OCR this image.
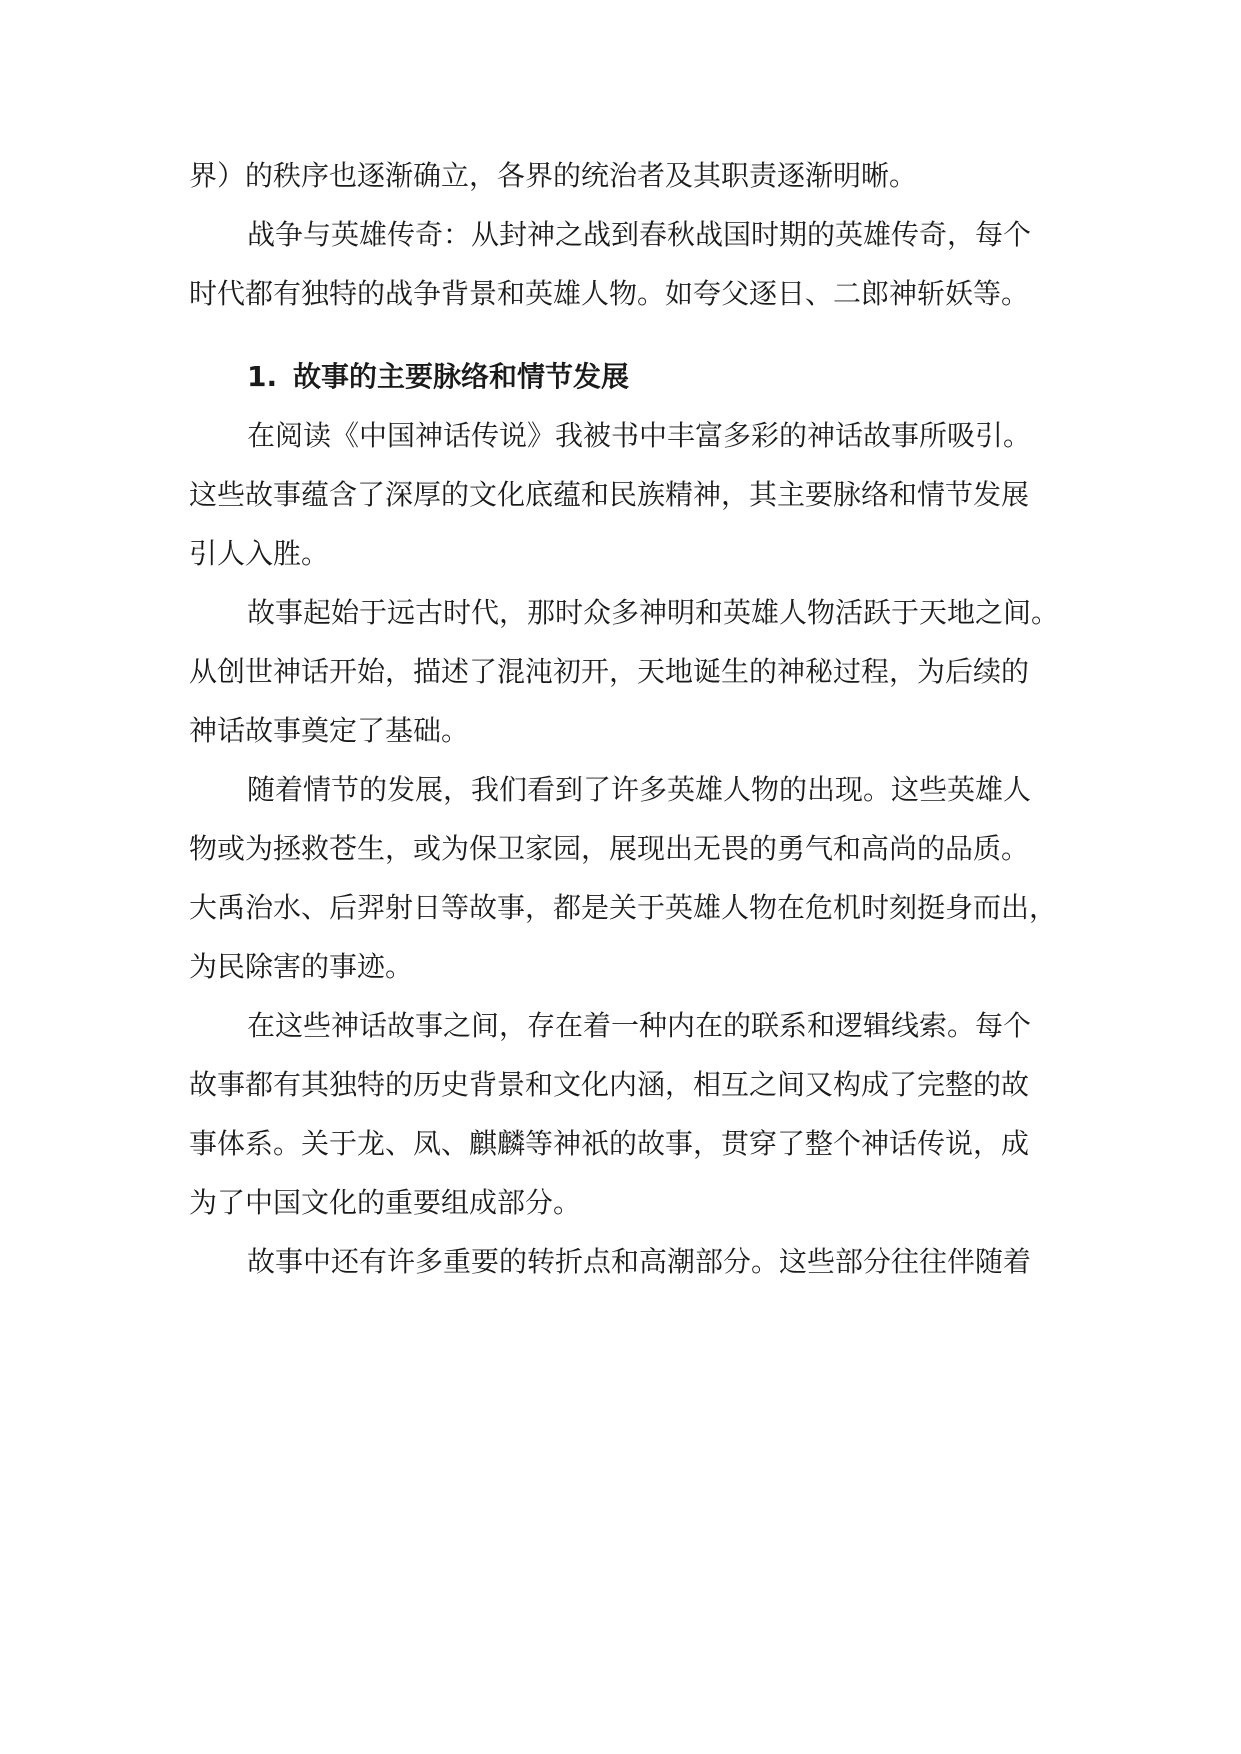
界）的秩序也逐渐确立，各界的统治者及其职责逐渐明晰。
战争与英雄传奇：从封神之战到春秋战国时期的英雄传奇，每个
时代都有独特的战争背景和英雄人物。如夸父逐日、二郎神斩妖等。
1. 故事的主要脉络和情节发展
在阅读《中国神话传说》我被书中丰富多彩的神话故事所吸引。
这些故事蕴含了深厚的文化底蕴和民族精神，其主要脉络和情节发展
引人入胜。
故事起始于远古时代，那时众多神明和英雄人物活跃于天地之间。
从创世神话开始，描述了混沌初开，天地诞生的神秘过程，为后续的
神话故事奠定了基础。
随着情节的发展，我们看到了许多英雄人物的出现。这些英雄人
物或为拯救苍生，或为保卫家园，展现出无畏的勇气和高尚的品质。
大禹治水、后羿射日等故事，都是关于英雄人物在危机时刻挺身而出，
为民除害的事迹。
在这些神话故事之间，存在着一种内在的联系和逻辑线索。每个
故事都有其独特的历史背景和文化内涵，相互之间又构成了完整的故
事体系。关于龙、凤、麒麟等神祇的故事，贯穿了整个神话传说，成
为了中国文化的重要组成部分。
故事中还有许多重要的转折点和高潮部分。这些部分往往伴随着
